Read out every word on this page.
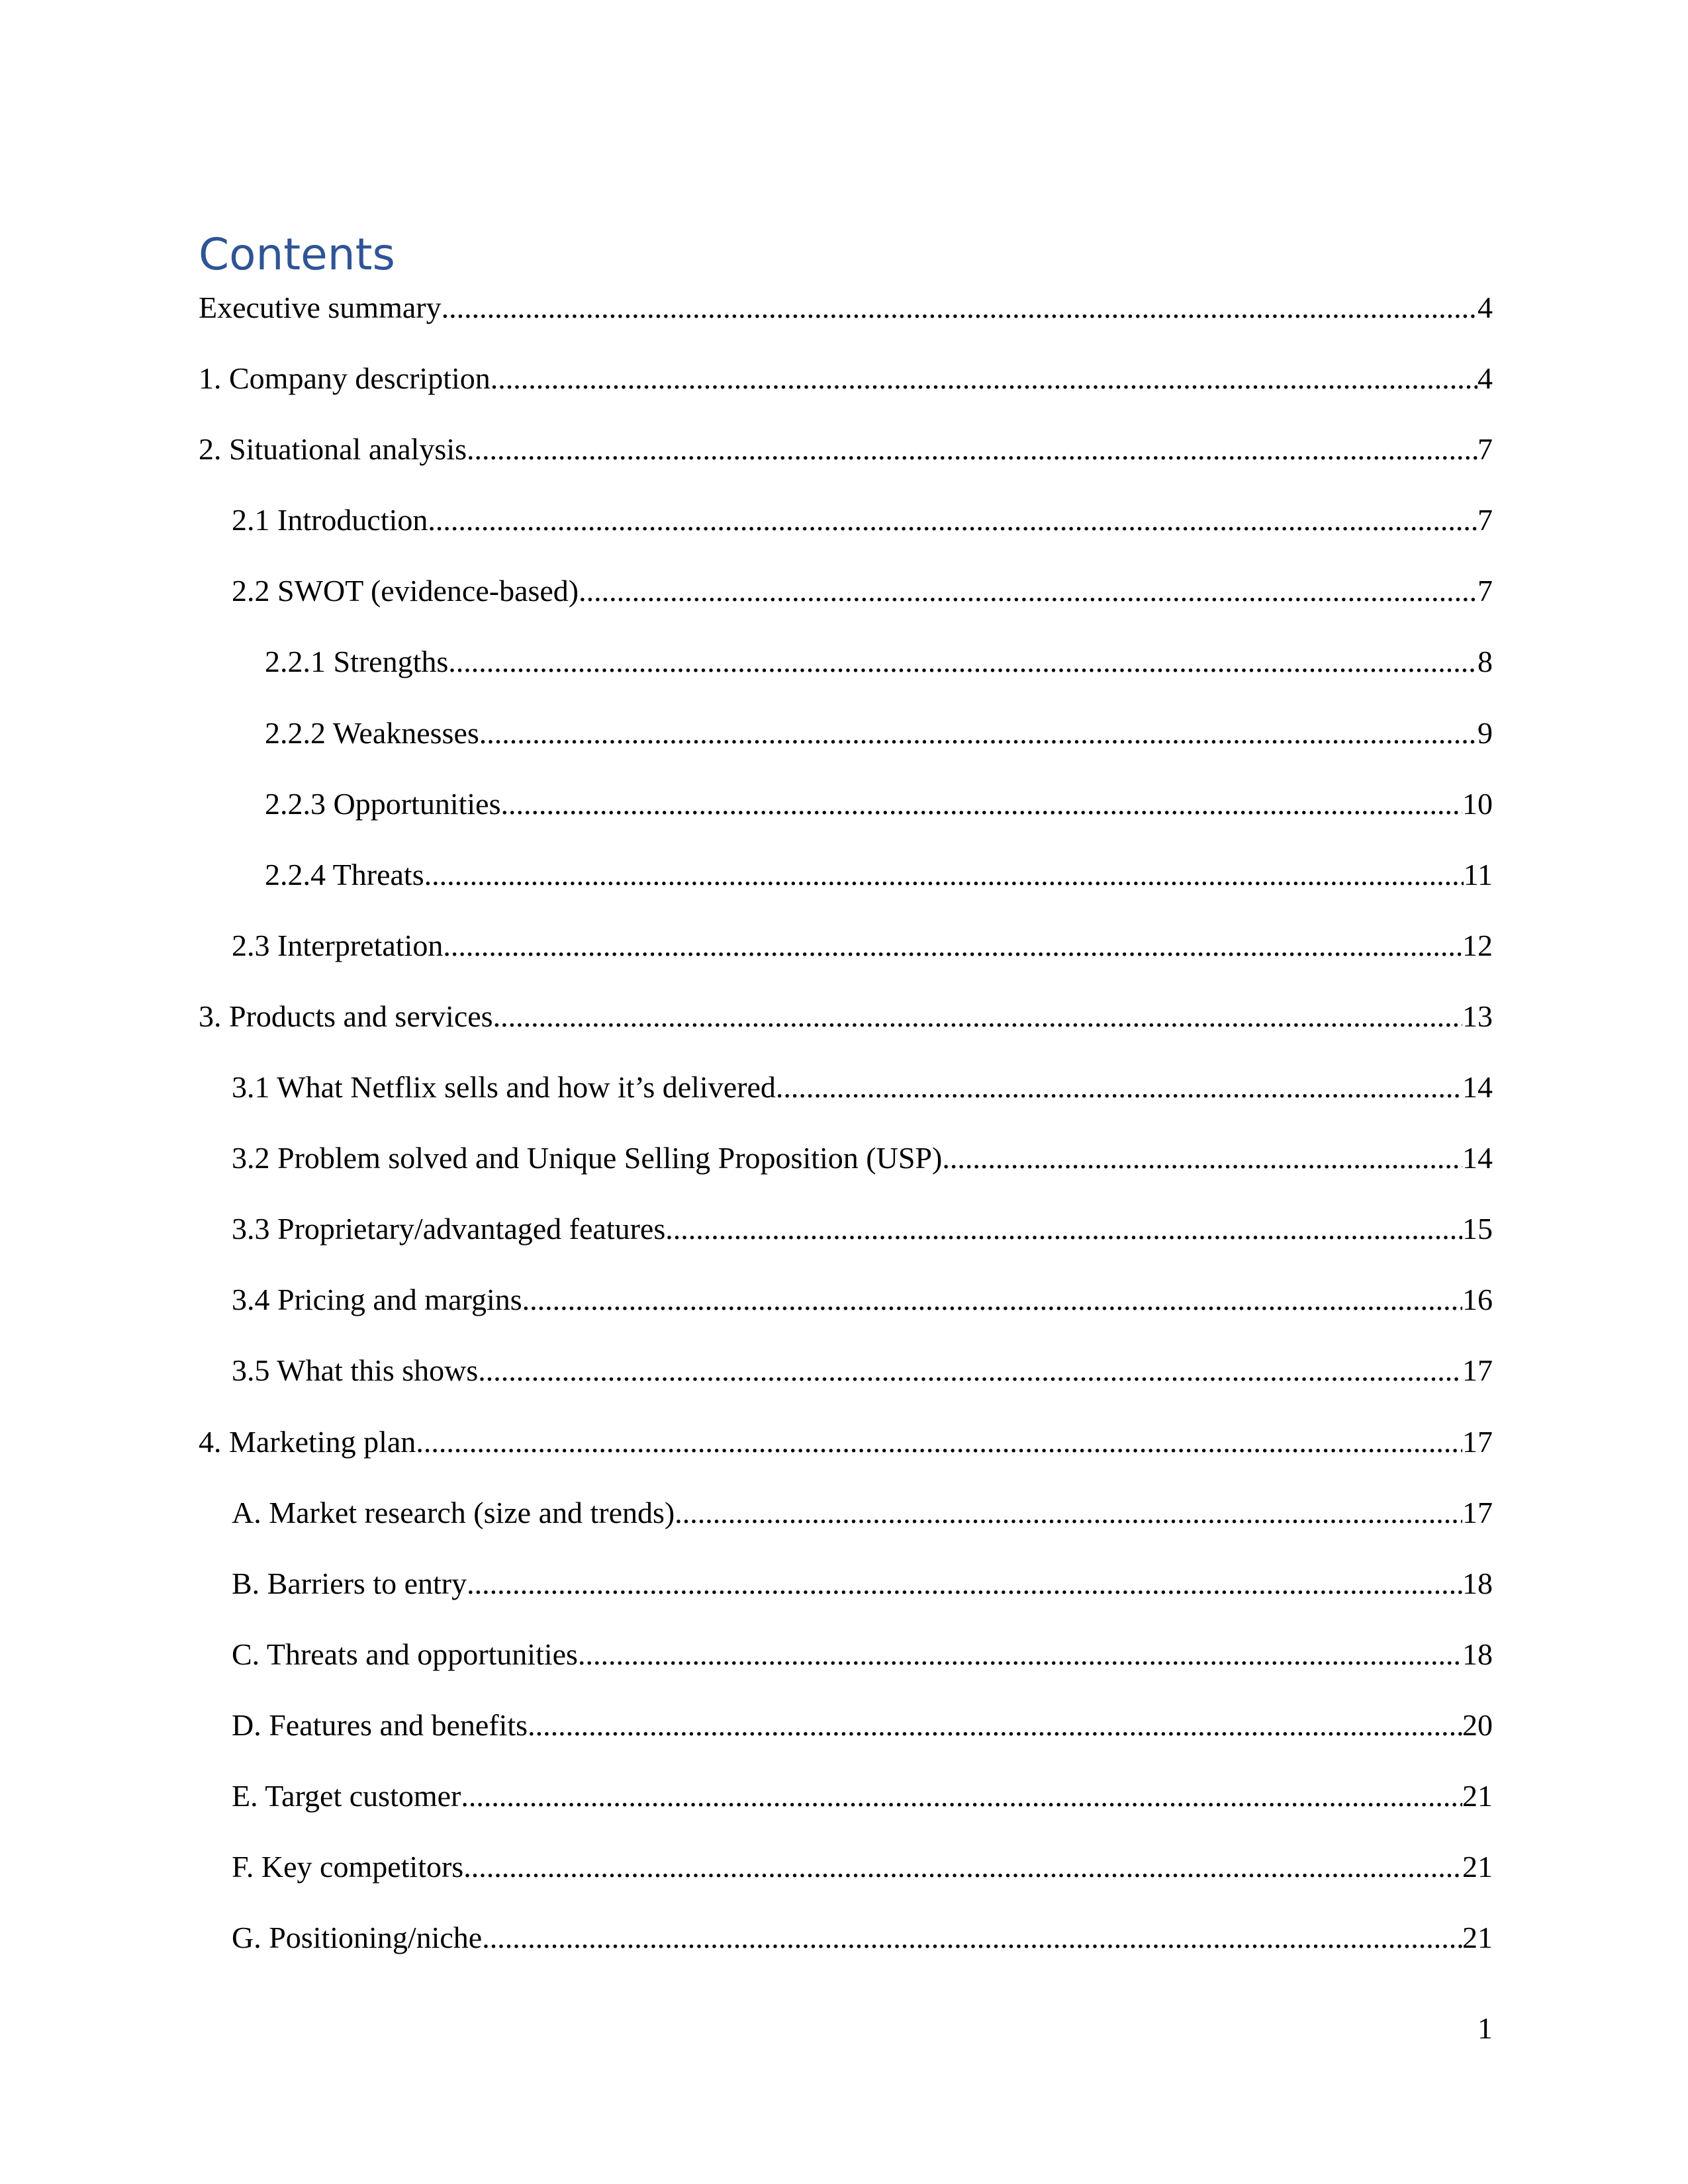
Contents
Executive summary .....	4
1. Company description .....	4
2. Situational analysis .....	7
2.1 Introduction .....	7
2.2 SWOT (evidence-based) .....	7
2.2.1 Strengths .....	8
2.2.2 Weaknesses .....	9
2.2.3 Opportunities .....	10
2.2.4 Threats .....	11
2.3 Interpretation .....	12
3. Products and services .....	13
3.1 What Netflix sells and how it’s delivered .....	14
3.2 Problem solved and Unique Selling Proposition (USP) .....	14
3.3 Proprietary/advantaged features .....	15
3.4 Pricing and margins .....	16
3.5 What this shows .....	17
4. Marketing plan .....	17
A. Market research (size and trends) .....	17
B. Barriers to entry .....	18
C. Threats and opportunities .....	18
D. Features and benefits .....	20
E. Target customer .....	21
F. Key competitors .....	21
G. Positioning/niche .....	21
1
